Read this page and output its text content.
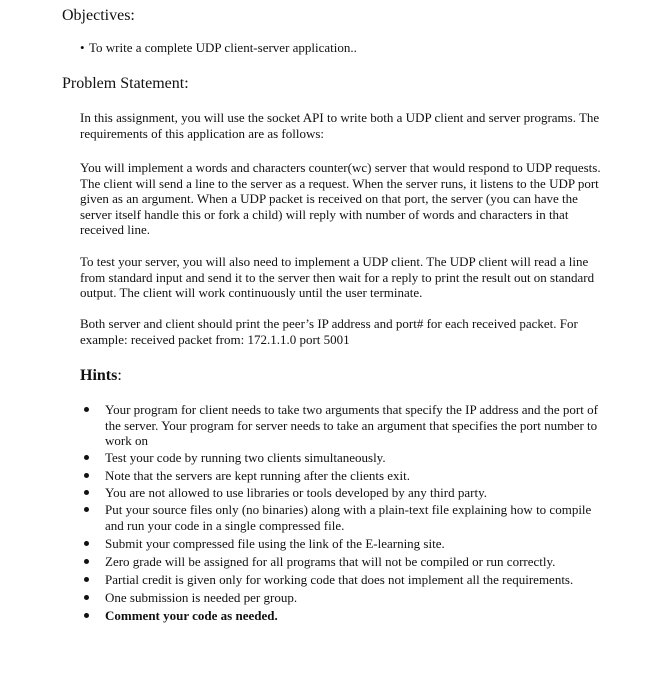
Objectives:
• To write a complete UDP client-server application..
Problem Statement:

In this assignment, you will use the socket API to write both a UDP client and server programs. The
requirements of this application are as follows:

You will implement a words and characters counter(wc) server that would respond to UDP requests.
The client will send a line to the server as a request. When the server runs, it listens to the UDP port
given as an argument. When a UDP packet is received on that port, the server (you can have the
server itself handle this or fork a child) will reply with number of words and characters in that
received line.

To test your server, you will also need to implement a UDP client. The UDP client will read a line
from standard input and send it to the server then wait for a reply to print the result out on standard
output. The client will work continuously until the user terminate.

Both server and client should print the peer’s IP address and port# for each received packet. For
example: received packet from: 172.1.1.0 port 5001

Hints:
Your program for client needs to take two arguments that specify the IP address and the port of
the server. Your program for server needs to take an argument that specifies the port number to
work on
Test your code by running two clients simultaneously.
Note that the servers are kept running after the clients exit.
You are not allowed to use libraries or tools developed by any third party.
Put your source files only (no binaries) along with a plain-text file explaining how to compile
and run your code in a single compressed file.
Submit your compressed file using the link of the E-learning site.
Zero grade will be assigned for all programs that will not be compiled or run correctly.
Partial credit is given only for working code that does not implement all the requirements.
One submission is needed per group.
Comment your code as needed.
